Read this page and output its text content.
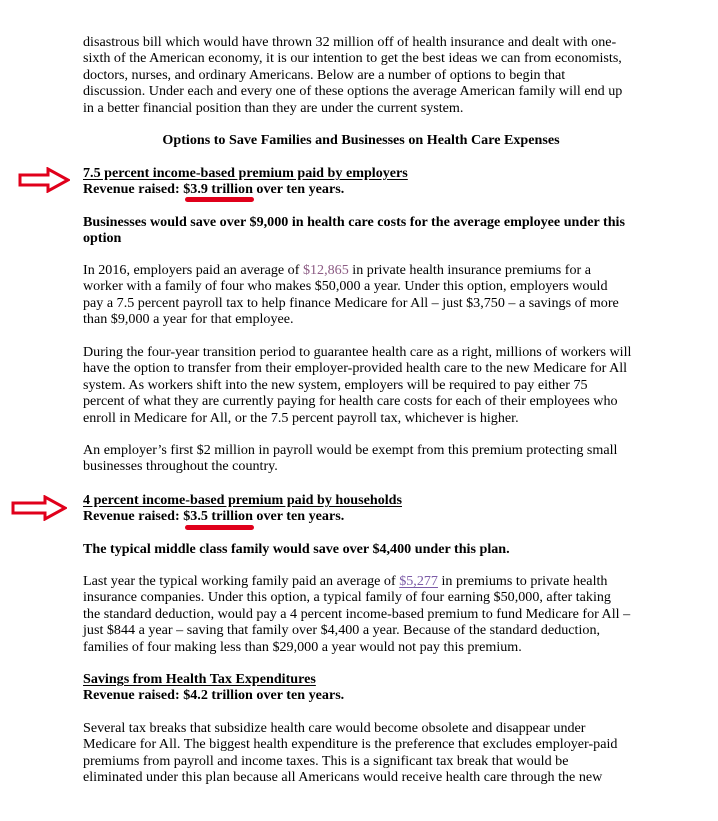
disastrous bill which would have thrown 32 million off of health insurance and dealt with one-

sixth of the American economy, it is our intention to get the best ideas we can from economists,

doctors, nurses, and ordinary Americans. Below are a number of options to begin that

discussion. Under each and every one of these options the average American family will end up

in a better financial position than they are under the current system.

Options to Save Families and Businesses on Health Care Expenses

7.5 percent income-based premium paid by employers

Revenue raised: $3.9 trillion over ten years.

Businesses would save over $9,000 in health care costs for the average employee under this

option

In 2016, employers paid an average of $12,865 in private health insurance premiums for a

worker with a family of four who makes $50,000 a year. Under this option, employers would

pay a 7.5 percent payroll tax to help finance Medicare for All – just $3,750 – a savings of more

than $9,000 a year for that employee.

During the four-year transition period to guarantee health care as a right, millions of workers will

have the option to transfer from their employer-provided health care to the new Medicare for All

system. As workers shift into the new system, employers will be required to pay either 75

percent of what they are currently paying for health care costs for each of their employees who

enroll in Medicare for All, or the 7.5 percent payroll tax, whichever is higher.

An employer’s first $2 million in payroll would be exempt from this premium protecting small

businesses throughout the country.

4 percent income-based premium paid by households

Revenue raised: $3.5 trillion over ten years.

The typical middle class family would save over $4,400 under this plan.

Last year the typical working family paid an average of $5,277 in premiums to private health

insurance companies. Under this option, a typical family of four earning $50,000, after taking

the standard deduction, would pay a 4 percent income-based premium to fund Medicare for All –

just $844 a year – saving that family over $4,400 a year. Because of the standard deduction,

families of four making less than $29,000 a year would not pay this premium.

Savings from Health Tax Expenditures

Revenue raised: $4.2 trillion over ten years.

Several tax breaks that subsidize health care would become obsolete and disappear under

Medicare for All. The biggest health expenditure is the preference that excludes employer-paid

premiums from payroll and income taxes. This is a significant tax break that would be

eliminated under this plan because all Americans would receive health care through the new
